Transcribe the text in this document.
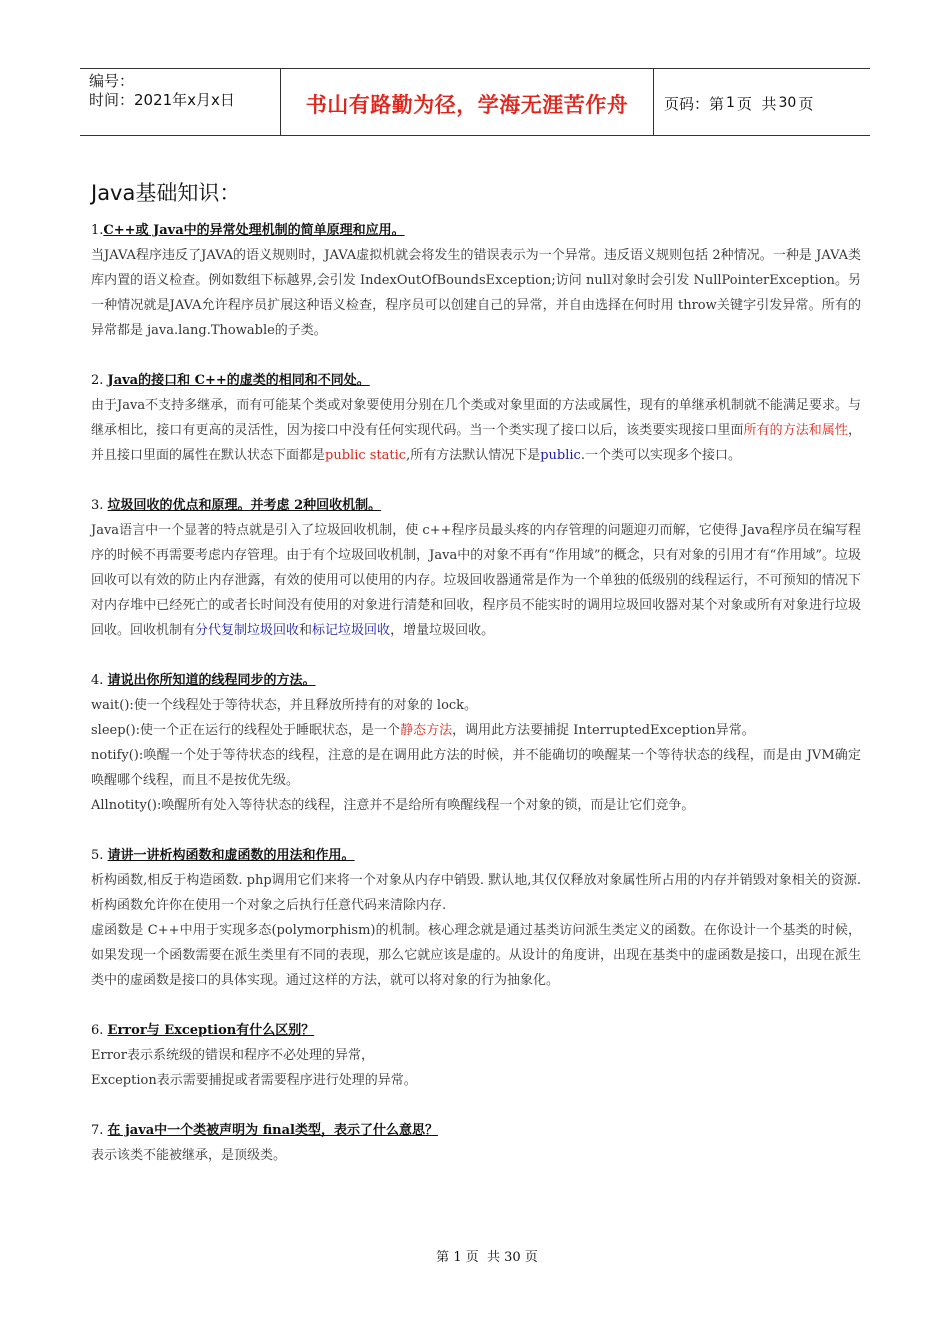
编号：
时间：2021年x月x日	书山有路勤为径，学海无涯苦作舟 页码：第 1 页  共 30 页
Java基础知识：
1.C++或 Java中的异常处理机制的简单原理和应用。

当JAVA程序违反了JAVA的语义规则时，JAVA虚拟机就会将发生的错误表示为一个异常。违反语义规则包括 2种情况。一种是 JAVA类库内置的语义检查。例如数组下标越界,会引发 IndexOutOfBoundsException;访问 null对象时会引发 NullPointerException。另一种情况就是JAVA允许程序员扩展这种语义检查，程序员可以创建自己的异常，并自由选择在何时用 throw关键字引发异常。所有的异常都是 java.lang.Thowable的子类。

2. Java的接口和 C++的虚类的相同和不同处。

由于Java不支持多继承，而有可能某个类或对象要使用分别在几个类或对象里面的方法或属性，现有的单继承机制就不能满足要求。与继承相比，接口有更高的灵活性，因为接口中没有任何实现代码。当一个类实现了接口以后，该类要实现接口里面所有的方法和属性，并且接口里面的属性在默认状态下面都是public static,所有方法默认情况下是public.一个类可以实现多个接口。

3. 垃圾回收的优点和原理。并考虑 2种回收机制。

Java语言中一个显著的特点就是引入了垃圾回收机制，使 c++程序员最头疼的内存管理的问题迎刃而解，它使得 Java程序员在编写程序的时候不再需要考虑内存管理。由于有个垃圾回收机制，Java中的对象不再有“作用域”的概念，只有对象的引用才有“作用域”。垃圾回收可以有效的防止内存泄露，有效的使用可以使用的内存。垃圾回收器通常是作为一个单独的低级别的线程运行，不可预知的情况下对内存堆中已经死亡的或者长时间没有使用的对象进行清楚和回收，程序员不能实时的调用垃圾回收器对某个对象或所有对象进行垃圾回收。回收机制有分代复制垃圾回收和标记垃圾回收，增量垃圾回收。

4. 请说出你所知道的线程同步的方法。

wait():使一个线程处于等待状态，并且释放所持有的对象的 lock。

sleep():使一个正在运行的线程处于睡眠状态，是一个静态方法，调用此方法要捕捉 InterruptedException异常。

notify():唤醒一个处于等待状态的线程，注意的是在调用此方法的时候，并不能确切的唤醒某一个等待状态的线程，而是由 JVM确定唤醒哪个线程，而且不是按优先级。

Allnotity():唤醒所有处入等待状态的线程，注意并不是给所有唤醒线程一个对象的锁，而是让它们竞争。

5. 请讲一讲析构函数和虚函数的用法和作用。

析构函数,相反于构造函数. php调用它们来将一个对象从内存中销毁. 默认地,其仅仅释放对象属性所占用的内存并销毁对象相关的资源. 析构函数允许你在使用一个对象之后执行任意代码来清除内存.

虚函数是 C++中用于实现多态(polymorphism)的机制。核心理念就是通过基类访问派生类定义的函数。在你设计一个基类的时候，如果发现一个函数需要在派生类里有不同的表现，那么它就应该是虚的。从设计的角度讲，出现在基类中的虚函数是接口，出现在派生类中的虚函数是接口的具体实现。通过这样的方法，就可以将对象的行为抽象化。

6. Error与 Exception有什么区别？

Error表示系统级的错误和程序不必处理的异常，

Exception表示需要捕捉或者需要程序进行处理的异常。

7. 在 java中一个类被声明为 final类型，表示了什么意思？

表示该类不能被继承，是顶级类。

第 1 页  共 30 页
